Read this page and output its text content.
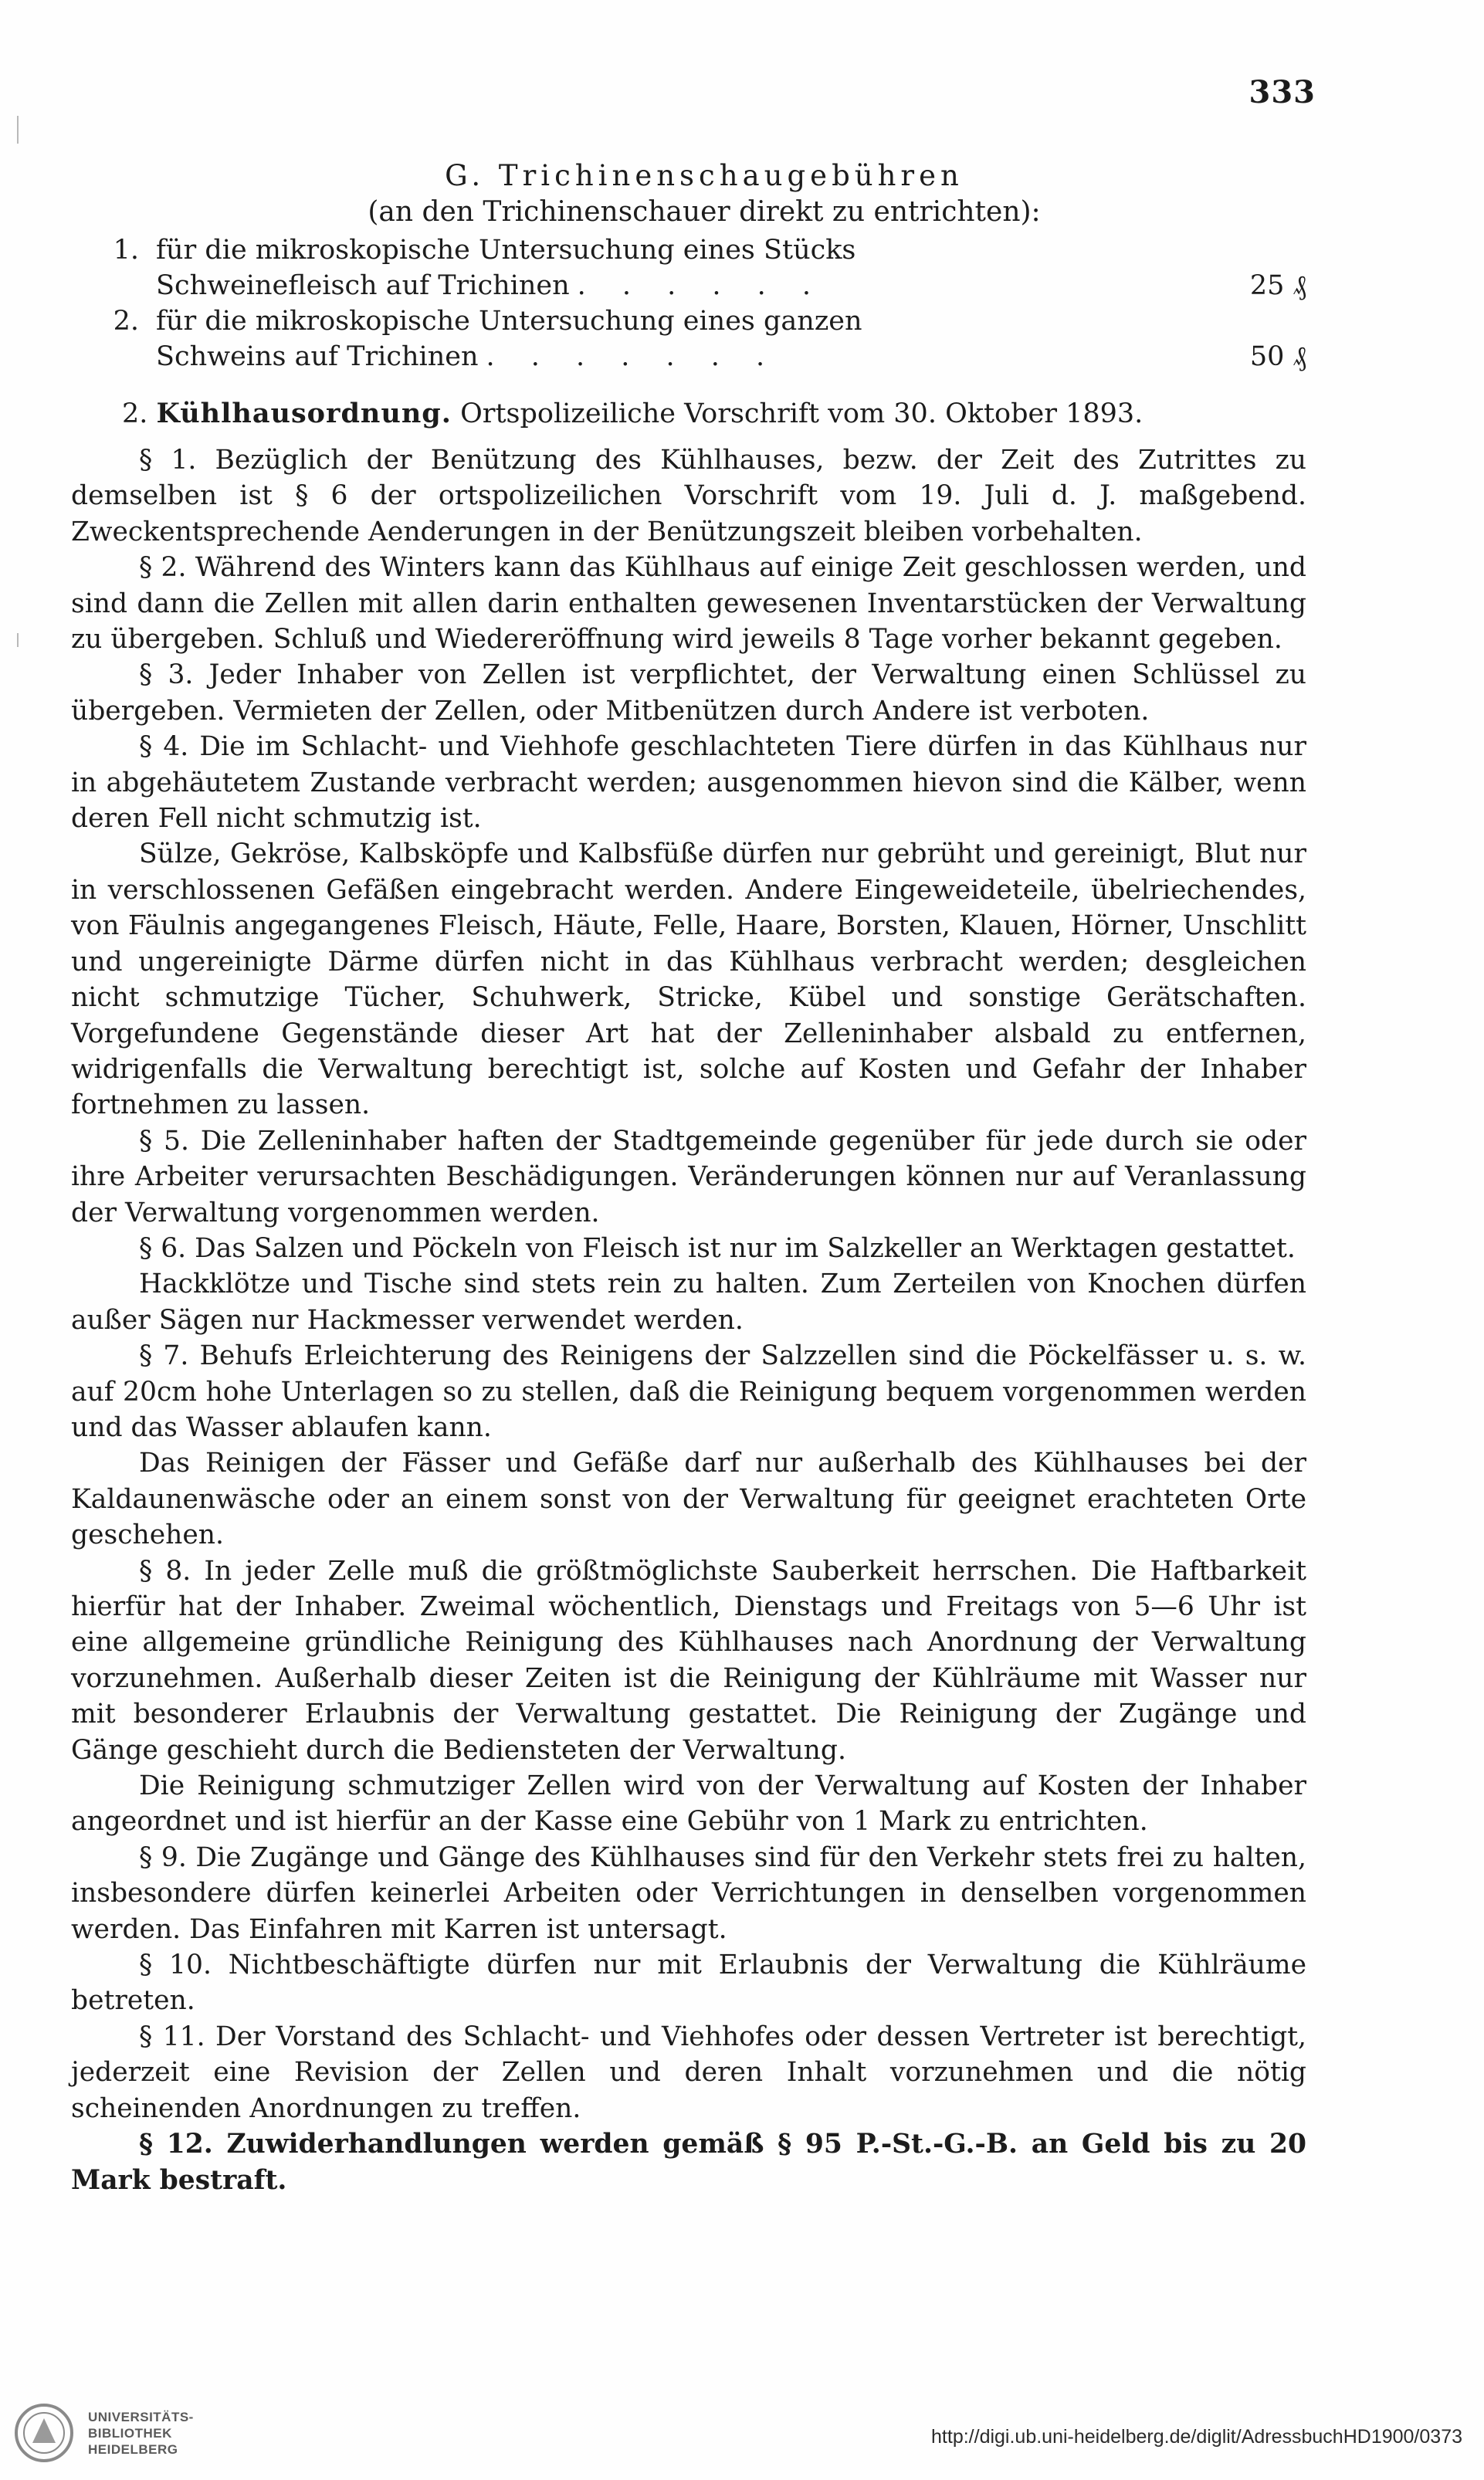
333
G. Trichinenschaugebühren
(an den Trichinenschauer direkt zu entrichten):
1. für die mikroskopische Untersuchung eines Stücks
Schweinefleisch auf Trichinen . . . . . .	25 ₰
2. für die mikroskopische Untersuchung eines ganzen
Schweins auf Trichinen . . . . . . .	50 ₰
2. Kühlhausordnung. Ortspolizeiliche Vorschrift vom 30. Oktober 1893.

§ 1. Bezüglich der Benützung des Kühlhauses, bezw. der Zeit des Zutrittes zu demselben ist § 6 der ortspolizeilichen Vorschrift vom 19. Juli d. J. maßgebend. Zweckentsprechende Aenderungen in der Benützungszeit bleiben vorbehalten.

§ 2. Während des Winters kann das Kühlhaus auf einige Zeit geschlossen werden, und sind dann die Zellen mit allen darin enthalten gewesenen Inventarstücken der Verwaltung zu übergeben. Schluß und Wiedereröffnung wird jeweils 8 Tage vorher bekannt gegeben.

§ 3. Jeder Inhaber von Zellen ist verpflichtet, der Verwaltung einen Schlüssel zu übergeben. Vermieten der Zellen, oder Mitbenützen durch Andere ist verboten.

§ 4. Die im Schlacht- und Viehhofe geschlachteten Tiere dürfen in das Kühlhaus nur in abgehäutetem Zustande verbracht werden; ausgenommen hievon sind die Kälber, wenn deren Fell nicht schmutzig ist.

Sülze, Gekröse, Kalbsköpfe und Kalbsfüße dürfen nur gebrüht und gereinigt, Blut nur in verschlossenen Gefäßen eingebracht werden. Andere Eingeweideteile, übelriechendes, von Fäulnis angegangenes Fleisch, Häute, Felle, Haare, Borsten, Klauen, Hörner, Unschlitt und ungereinigte Därme dürfen nicht in das Kühlhaus verbracht werden; desgleichen nicht schmutzige Tücher, Schuhwerk, Stricke, Kübel und sonstige Gerätschaften. Vorgefundene Gegenstände dieser Art hat der Zelleninhaber alsbald zu entfernen, widrigenfalls die Verwaltung berechtigt ist, solche auf Kosten und Gefahr der Inhaber fortnehmen zu lassen.

§ 5. Die Zelleninhaber haften der Stadtgemeinde gegenüber für jede durch sie oder ihre Arbeiter verursachten Beschädigungen. Veränderungen können nur auf Veranlassung der Verwaltung vorgenommen werden.

§ 6. Das Salzen und Pöckeln von Fleisch ist nur im Salzkeller an Werktagen gestattet.

Hackklötze und Tische sind stets rein zu halten. Zum Zerteilen von Knochen dürfen außer Sägen nur Hackmesser verwendet werden.

§ 7. Behufs Erleichterung des Reinigens der Salzzellen sind die Pöckelfässer u. s. w. auf 20cm hohe Unterlagen so zu stellen, daß die Reinigung bequem vorgenommen werden und das Wasser ablaufen kann.

Das Reinigen der Fässer und Gefäße darf nur außerhalb des Kühlhauses bei der Kaldaunenwäsche oder an einem sonst von der Verwaltung für geeignet erachteten Orte geschehen.

§ 8. In jeder Zelle muß die größtmöglichste Sauberkeit herrschen. Die Haftbarkeit hierfür hat der Inhaber. Zweimal wöchentlich, Dienstags und Freitags von 5—6 Uhr ist eine allgemeine gründliche Reinigung des Kühlhauses nach Anordnung der Verwaltung vorzunehmen. Außerhalb dieser Zeiten ist die Reinigung der Kühlräume mit Wasser nur mit besonderer Erlaubnis der Verwaltung gestattet. Die Reinigung der Zugänge und Gänge geschieht durch die Bediensteten der Verwaltung.

Die Reinigung schmutziger Zellen wird von der Verwaltung auf Kosten der Inhaber angeordnet und ist hierfür an der Kasse eine Gebühr von 1 Mark zu entrichten.

§ 9. Die Zugänge und Gänge des Kühlhauses sind für den Verkehr stets frei zu halten, insbesondere dürfen keinerlei Arbeiten oder Verrichtungen in denselben vorgenommen werden. Das Einfahren mit Karren ist untersagt.

§ 10. Nichtbeschäftigte dürfen nur mit Erlaubnis der Verwaltung die Kühlräume betreten.

§ 11. Der Vorstand des Schlacht- und Viehhofes oder dessen Vertreter ist berechtigt, jederzeit eine Revision der Zellen und deren Inhalt vorzunehmen und die nötig scheinenden Anordnungen zu treffen.

§ 12. Zuwiderhandlungen werden gemäß § 95 P.-St.-G.-B. an Geld bis zu 20 Mark bestraft.

UNIVERSITÄTS-
BIBLIOTHEK
HEIDELBERG
http://digi.ub.uni-heidelberg.de/diglit/AdressbuchHD1900/0373
